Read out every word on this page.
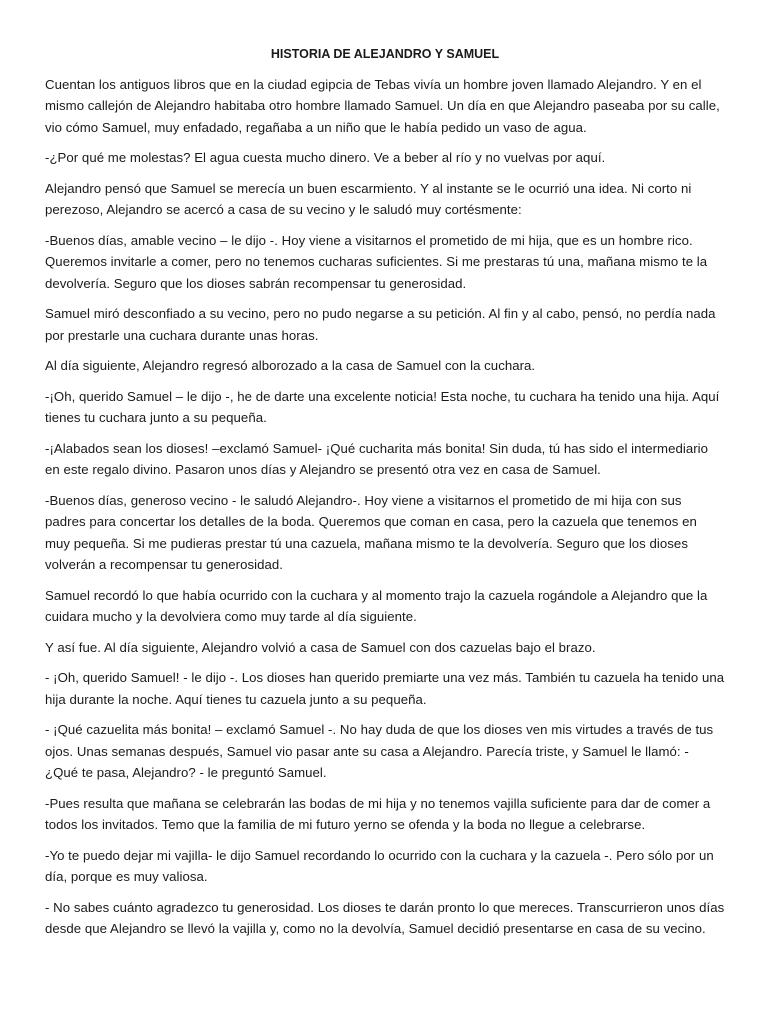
HISTORIA DE ALEJANDRO Y SAMUEL

Cuentan los antiguos libros que en la ciudad egipcia de Tebas vivía un hombre joven llamado Alejandro. Y en el mismo callejón de Alejandro habitaba otro hombre llamado Samuel. Un día en que Alejandro paseaba por su calle, vio cómo Samuel, muy enfadado, regañaba a un niño que le había pedido un vaso de agua.

-¿Por qué me molestas? El agua cuesta mucho dinero. Ve a beber al río y no vuelvas por aquí.

Alejandro pensó que Samuel se merecía un buen escarmiento. Y al instante se le ocurrió una idea. Ni corto ni perezoso, Alejandro se acercó a casa de su vecino y le saludó muy cortésmente:

-Buenos días, amable vecino – le dijo -. Hoy viene a visitarnos el prometido de mi hija, que es un hombre rico. Queremos invitarle a comer, pero no tenemos cucharas suficientes. Si me prestaras tú una, mañana mismo te la devolvería. Seguro que los dioses sabrán recompensar tu generosidad.

Samuel miró desconfiado a su vecino, pero no pudo negarse a su petición. Al fin y al cabo, pensó, no perdía nada por prestarle una cuchara durante unas horas.

Al día siguiente, Alejandro regresó alborozado a la casa de Samuel con la cuchara.

-¡Oh, querido Samuel – le dijo -, he de darte una excelente noticia! Esta noche, tu cuchara ha tenido una hija. Aquí tienes tu cuchara junto a su pequeña.

-¡Alabados sean los dioses! –exclamó Samuel- ¡Qué cucharita más bonita! Sin duda, tú has sido el intermediario en este regalo divino. Pasaron unos días y Alejandro se presentó otra vez en casa de Samuel.

-Buenos días, generoso vecino - le saludó Alejandro-. Hoy viene a visitarnos el prometido de mi hija con sus padres para concertar los detalles de la boda. Queremos que coman en casa, pero la cazuela que tenemos en muy pequeña. Si me pudieras prestar tú una cazuela, mañana mismo te la devolvería. Seguro que los dioses volverán a recompensar tu generosidad.

Samuel recordó lo que había ocurrido con la cuchara y al momento trajo la cazuela rogándole a Alejandro que la cuidara mucho y la devolviera como muy tarde al día siguiente.

Y así fue. Al día siguiente, Alejandro volvió a casa de Samuel con dos cazuelas bajo el brazo.

- ¡Oh, querido Samuel! - le dijo -. Los dioses han querido premiarte una vez más. También tu cazuela ha tenido una hija durante la noche. Aquí tienes tu cazuela junto a su pequeña.

- ¡Qué cazuelita más bonita! – exclamó Samuel -. No hay duda de que los dioses ven mis virtudes a través de tus ojos. Unas semanas después, Samuel vio pasar ante su casa a Alejandro. Parecía triste, y Samuel le llamó: - ¿Qué te pasa, Alejandro? - le preguntó Samuel.

-Pues resulta que mañana se celebrarán las bodas de mi hija y no tenemos vajilla suficiente para dar de comer a todos los invitados. Temo que la familia de mi futuro yerno se ofenda y la boda no llegue a celebrarse.

-Yo te puedo dejar mi vajilla- le dijo Samuel recordando lo ocurrido con la cuchara y la cazuela -. Pero sólo por un día, porque es muy valiosa.

- No sabes cuánto agradezco tu generosidad. Los dioses te darán pronto lo que mereces. Transcurrieron unos días desde que Alejandro se llevó la vajilla y, como no la devolvía, Samuel decidió presentarse en casa de su vecino.
